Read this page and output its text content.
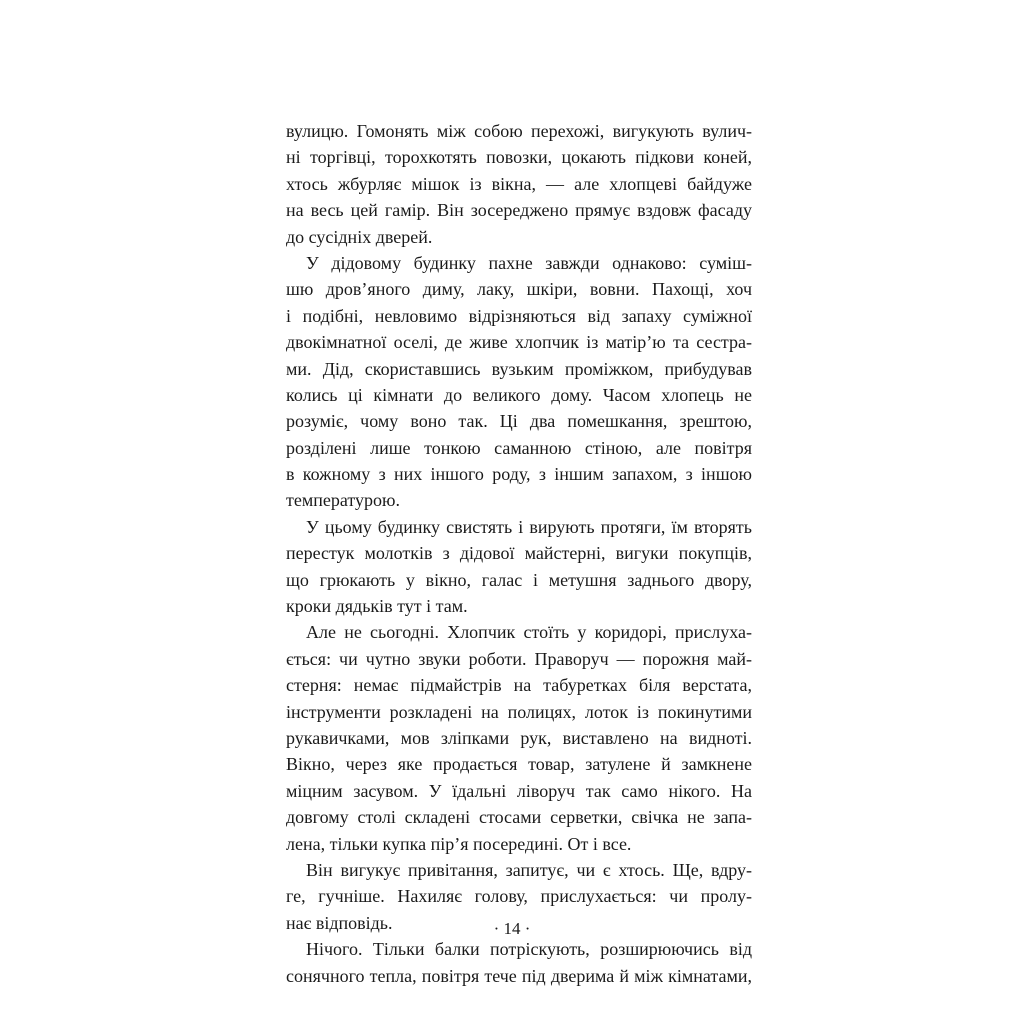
вулицю. Гомонять між собою перехожі, вигукують вулич-
ні торгівці, торохкотять повозки, цокають підкови коней,
хтось жбурляє мішок із вікна, — але хлопцеві байдуже
на весь цей гамір. Він зосереджено прямує вздовж фасаду
до сусідніх дверей.
У дідовому будинку пахне завжди однаково: суміш-
шю дров’яного диму, лаку, шкіри, вовни. Пахощі, хоч
і подібні, невловимо відрізняються від запаху суміжної
двокімнатної оселі, де живе хлопчик із матір’ю та сестра-
ми. Дід, скориставшись вузьким проміжком, прибудував
колись ці кімнати до великого дому. Часом хлопець не
розуміє, чому воно так. Ці два помешкання, зрештою,
розділені лише тонкою саманною стіною, але повітря
в кожному з них іншого роду, з іншим запахом, з іншою
температурою.
У цьому будинку свистять і вирують протяги, їм вторять
перестук молотків з дідової майстерні, вигуки покупців,
що грюкають у вікно, галас і метушня заднього двору,
кроки дядьків тут і там.
Але не сьогодні. Хлопчик стоїть у коридорі, прислуха-
ється: чи чутно звуки роботи. Праворуч — порожня май-
стерня: немає підмайстрів на табуретках біля верстата,
інструменти розкладені на полицях, лоток із покинутими
рукавичками, мов зліпками рук, виставлено на видноті.
Вікно, через яке продається товар, затулене й замкнене
міцним засувом. У їдальні ліворуч так само нікого. На
довгому столі складені стосами серветки, свічка не запа-
лена, тільки купка пір’я посередині. От і все.
Він вигукує привітання, запитує, чи є хтось. Ще, вдру-
ге, гучніше. Нахиляє голову, прислухається: чи пролу-
нає відповідь.
Нічого. Тільки балки потріскують, розширюючись від
сонячного тепла, повітря тече під дверима й між кімнатами,
· 14 ·
